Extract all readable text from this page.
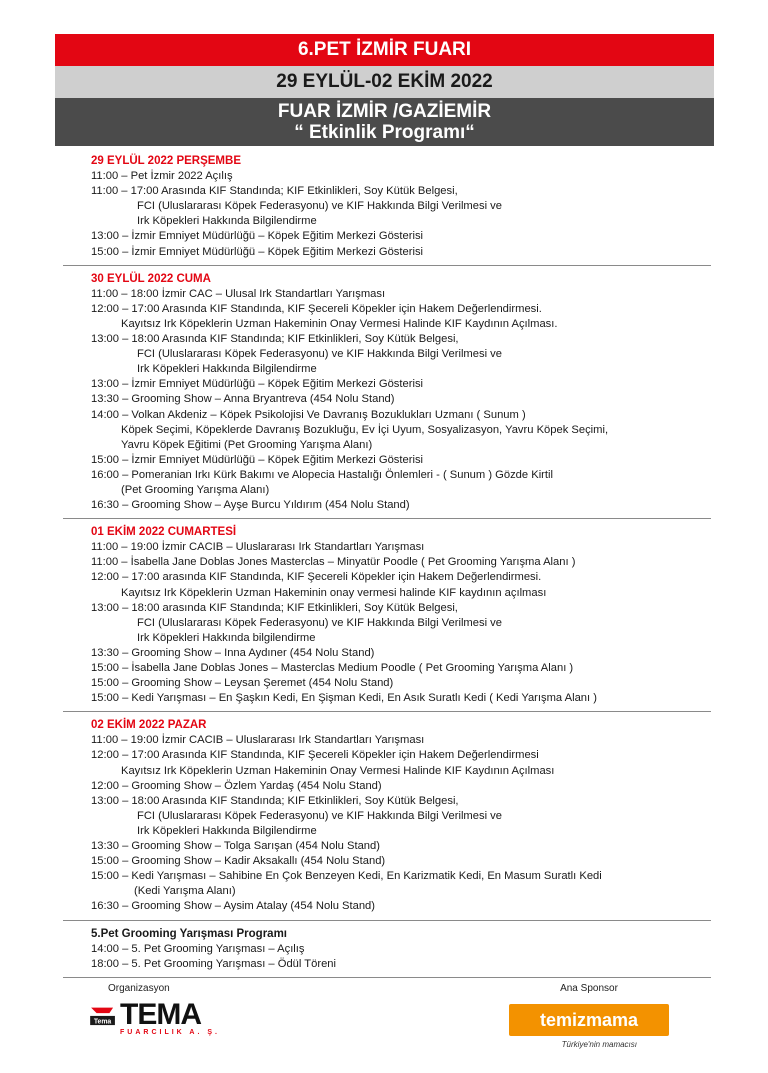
6.PET İZMİR FUARI
29 EYLÜL-02 EKİM 2022
FUAR İZMİR /GAZİEMİR
“ Etkinlik Programı“
29 EYLÜL 2022 PERŞEMBE
11:00 – Pet İzmir 2022 Açılış
11:00 – 17:00 Arasında KIF Standında; KIF Etkinlikleri, Soy Kütük Belgesi,
FCI (Uluslararası Köpek Federasyonu) ve KIF Hakkında Bilgi Verilmesi ve
Irk Köpekleri Hakkında Bilgilendirme
13:00 – İzmir Emniyet Müdürlüğü – Köpek Eğitim Merkezi Gösterisi
15:00 – İzmir Emniyet Müdürlüğü – Köpek Eğitim Merkezi Gösterisi
30 EYLÜL 2022 CUMA
11:00 – 18:00 İzmir CAC – Ulusal Irk Standartları Yarışması
12:00 – 17:00 Arasında KIF Standında, KIF Şecereli Köpekler için Hakem Değerlendirmesi.
Kayıtsız Irk Köpeklerin Uzman Hakeminin Onay Vermesi Halinde KIF Kaydının Açılması.
13:00 – 18:00 Arasında KIF Standında; KIF Etkinlikleri, Soy Kütük Belgesi,
FCI (Uluslararası Köpek Federasyonu) ve KIF Hakkında Bilgi Verilmesi ve
Irk Köpekleri Hakkında Bilgilendirme
13:00 – İzmir Emniyet Müdürlüğü – Köpek Eğitim Merkezi Gösterisi
13:30 – Grooming Show – Anna Bryantreva (454 Nolu Stand)
14:00 – Volkan Akdeniz – Köpek Psikolojisi Ve Davranış Bozuklukları Uzmanı ( Sunum )
Köpek Seçimi, Köpeklerde Davranış Bozukluğu, Ev İçi Uyum, Sosyalizasyon, Yavru Köpek Seçimi,
Yavru Köpek Eğitimi (Pet Grooming Yarışma Alanı)
15:00 – İzmir Emniyet Müdürlüğü – Köpek Eğitim Merkezi Gösterisi
16:00 – Pomeranian Irkı Kürk Bakımı ve Alopecia Hastalığı Önlemleri - ( Sunum ) Gözde Kirtil
(Pet Grooming Yarışma Alanı)
16:30 – Grooming Show – Ayşe Burcu Yıldırım (454 Nolu Stand)
01 EKİM 2022 CUMARTESİ
11:00 – 19:00 İzmir CACIB – Uluslararası Irk Standartları Yarışması
11:00 – İsabella Jane Doblas Jones Masterclas – Minyatür Poodle ( Pet Grooming Yarışma Alanı )
12:00 – 17:00 arasında KIF Standında, KIF Şecereli Köpekler için Hakem Değerlendirmesi.
Kayıtsız Irk Köpeklerin Uzman Hakeminin onay vermesi halinde KIF kaydının açılması
13:00 – 18:00 arasında KIF Standında; KIF Etkinlikleri, Soy Kütük Belgesi,
FCI (Uluslararası Köpek Federasyonu) ve KIF Hakkında Bilgi Verilmesi ve
Irk Köpekleri Hakkında bilgilendirme
13:30 – Grooming Show – Inna Aydıner (454 Nolu Stand)
15:00 – İsabella Jane Doblas Jones – Masterclas Medium Poodle ( Pet Grooming Yarışma Alanı )
15:00 – Grooming Show – Leysan Şeremet (454 Nolu Stand)
15:00 – Kedi Yarışması – En Şaşkın Kedi, En Şişman Kedi, En Asık Suratlı Kedi ( Kedi Yarışma Alanı )
02 EKİM 2022 PAZAR
11:00 – 19:00 İzmir CACIB – Uluslararası Irk Standartları Yarışması
12:00 – 17:00 Arasında KIF Standında, KIF Şecereli Köpekler için Hakem Değerlendirmesi
Kayıtsız Irk Köpeklerin Uzman Hakeminin Onay Vermesi Halinde KIF Kaydının Açılması
12:00 – Grooming Show – Özlem Yardaş (454 Nolu Stand)
13:00 – 18:00 Arasında KIF Standında; KIF Etkinlikleri, Soy Kütük Belgesi,
FCI (Uluslararası Köpek Federasyonu) ve KIF Hakkında Bilgi Verilmesi ve
Irk Köpekleri Hakkında Bilgilendirme
13:30 – Grooming Show – Tolga Sarışan (454 Nolu Stand)
15:00 – Grooming Show – Kadir Aksakallı (454 Nolu Stand)
15:00 – Kedi Yarışması – Sahibine En Çok Benzeyen Kedi, En Karizmatik Kedi, En Masum Suratlı Kedi
(Kedi Yarışma Alanı)
16:30 – Grooming Show – Aysim Atalay (454 Nolu Stand)
5.Pet Grooming Yarışması Programı
14:00 – 5. Pet Grooming Yarışması – Açılış
18:00 – 5. Pet Grooming Yarışması – Ödül Töreni
Organizasyon
Tema TEMA
FUARCILIK A. Ş.
Ana Sponsor
temizmama
Türkiye'nin mamacısı
